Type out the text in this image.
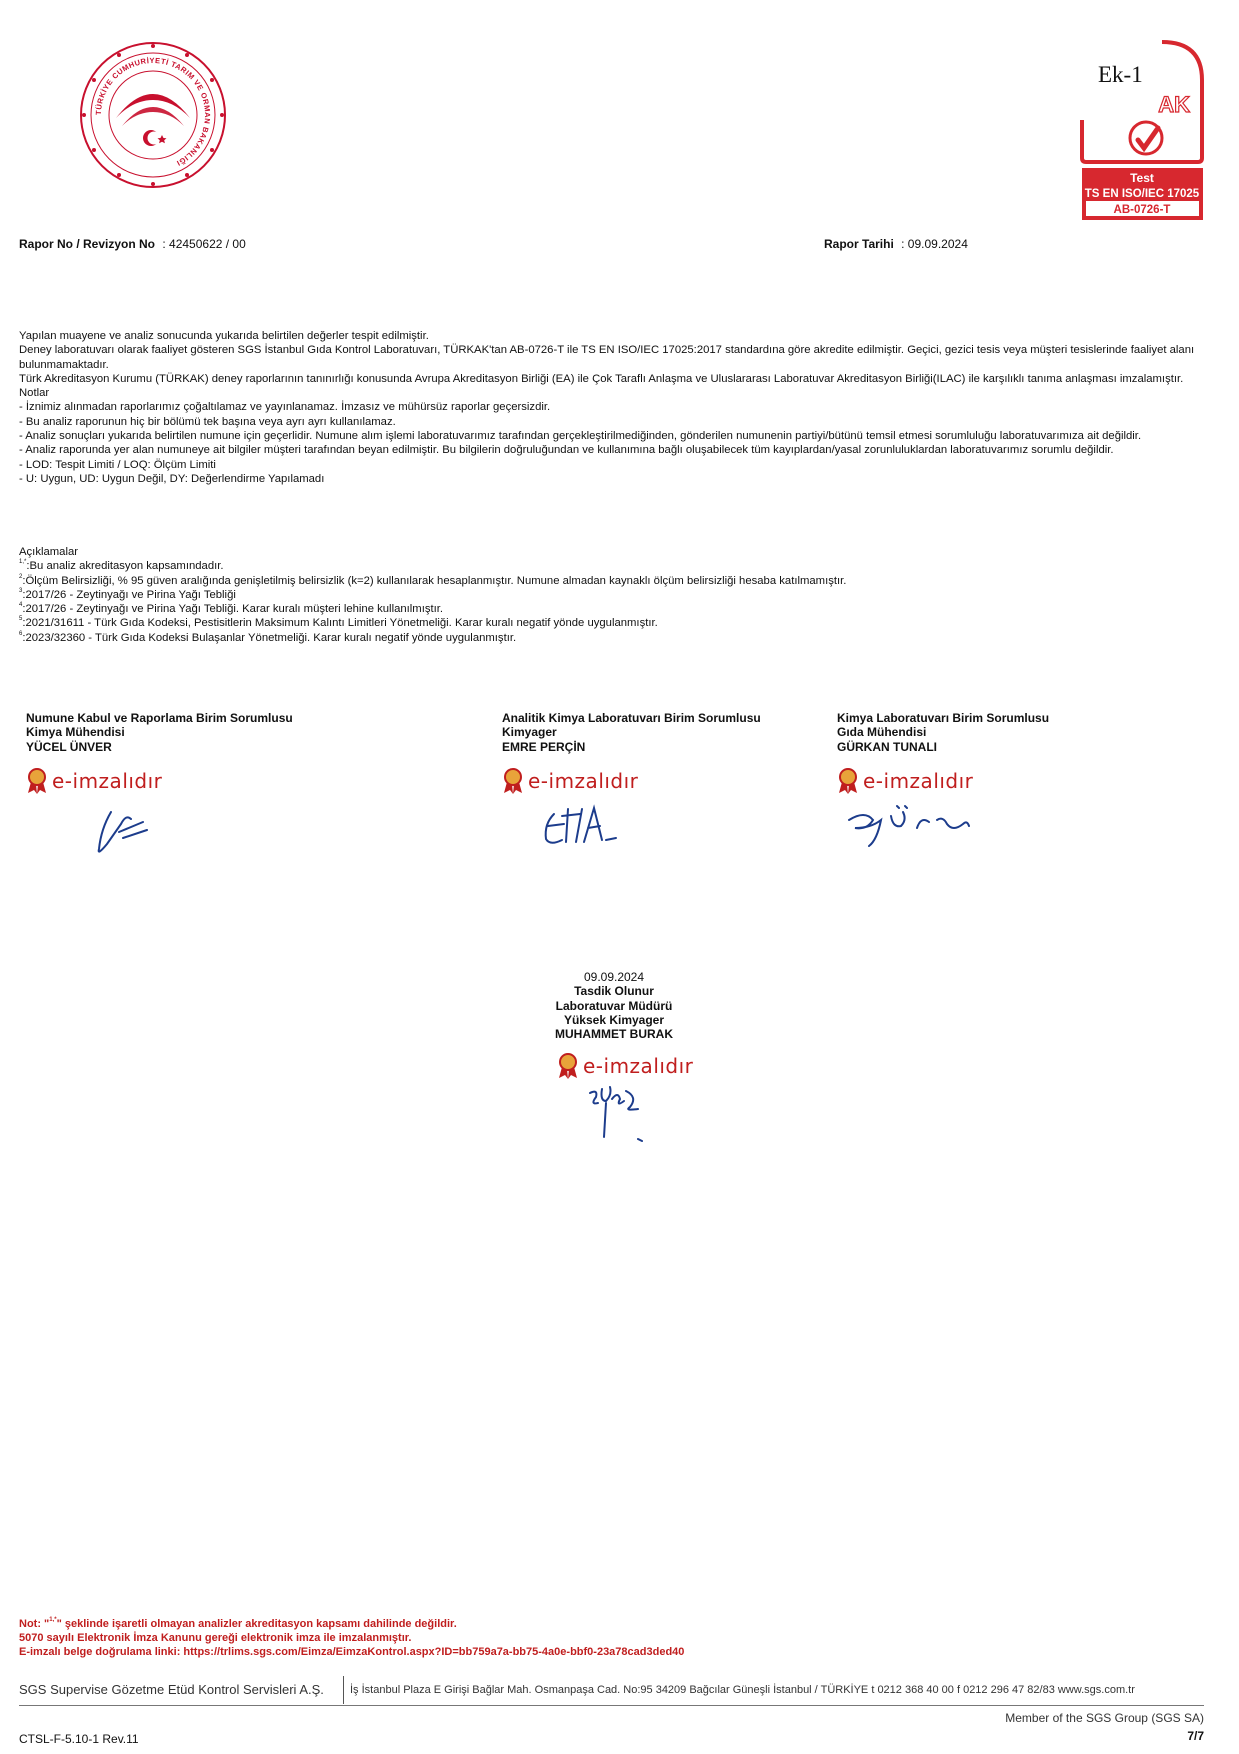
TÜRKİYE CUMHURİYETİ TARIM VE ORMAN BAKANLIĞI
AK
Test
TS EN ISO/IEC 17025
AB-0726-T
Ek-1
Rapor No / Revizyon No : 42450622 / 00	Rapor Tarihi : 09.09.2024

Yapılan muayene ve analiz sonucunda yukarıda belirtilen değerler tespit edilmiştir.

Deney laboratuvarı olarak faaliyet gösteren SGS İstanbul Gıda Kontrol Laboratuvarı, TÜRKAK'tan AB-0726-T ile TS EN ISO/IEC 17025:2017 standardına göre akredite edilmiştir. Geçici, gezici tesis veya müşteri tesislerinde faaliyet alanı bulunmamaktadır.

Türk Akreditasyon Kurumu (TÜRKAK) deney raporlarının tanınırlığı konusunda Avrupa Akreditasyon Birliği (EA) ile Çok Taraflı Anlaşma ve Uluslararası Laboratuvar Akreditasyon Birliği(ILAC) ile karşılıklı tanıma anlaşması imzalamıştır.

Notlar

- İznimiz alınmadan raporlarımız çoğaltılamaz ve yayınlanamaz. İmzasız ve mühürsüz raporlar geçersizdir.

- Bu analiz raporunun hiç bir bölümü tek başına veya ayrı ayrı kullanılamaz.

- Analiz sonuçları yukarıda belirtilen numune için geçerlidir. Numune alım işlemi laboratuvarımız tarafından gerçekleştirilmediğinden, gönderilen numunenin partiyi/bütünü temsil etmesi sorumluluğu laboratuvarımıza ait değildir.

- Analiz raporunda yer alan numuneye ait bilgiler müşteri tarafından beyan edilmiştir. Bu bilgilerin doğruluğundan ve kullanımına bağlı oluşabilecek tüm kayıplardan/yasal zorunluluklardan laboratuvarımız sorumlu değildir.

- LOD: Tespit Limiti / LOQ: Ölçüm Limiti

- U: Uygun, UD: Uygun Değil, DY: Değerlendirme Yapılamadı

Açıklamalar

$^{1,*}$:Bu analiz akreditasyon kapsamındadır.

$^2$:Ölçüm Belirsizliği, % 95 güven aralığında genişletilmiş belirsizlik (k=2) kullanılarak hesaplanmıştır. Numune almadan kaynaklı ölçüm belirsizliği hesaba katılmamıştır.

$^3$:2017/26 - Zeytinyağı ve Pirina Yağı Tebliği

$^4$:2017/26 - Zeytinyağı ve Pirina Yağı Tebliği. Karar kuralı müşteri lehine kullanılmıştır.

$^5$:2021/31611 - Türk Gıda Kodeksi, Pestisitlerin Maksimum Kalıntı Limitleri Yönetmeliği. Karar kuralı negatif yönde uygulanmıştır.

$^6$:2023/32360 - Türk Gıda Kodeksi Bulaşanlar Yönetmeliği. Karar kuralı negatif yönde uygulanmıştır.

Numune Kabul ve Raporlama Birim Sorumlusu
Kimya Mühendisi
YÜCEL ÜNVER
e-imzalıdır
Analitik Kimya Laboratuvarı Birim Sorumlusu
Kimyager
EMRE PERÇİN
e-imzalıdır
Kimya Laboratuvarı Birim Sorumlusu
Gıda Mühendisi
GÜRKAN TUNALI
e-imzalıdır
09.09.2024
Tasdik Olunur
Laboratuvar Müdürü
Yüksek Kimyager
MUHAMMET BURAK
e-imzalıdır
Not: "$^{1,*}$" şeklinde işaretli olmayan analizler akreditasyon kapsamı dahilinde değildir.
5070 sayılı Elektronik İmza Kanunu gereği elektronik imza ile imzalanmıştır.
E-imzalı belge doğrulama linki: https://trlims.sgs.com/Eimza/EimzaKontrol.aspx?ID=bb759a7a-bb75-4a0e-bbf0-23a78cad3ded40
SGS Supervise Gözetme Etüd Kontrol Servisleri A.Ş. İş İstanbul Plaza E Girişi Bağlar Mah. Osmanpaşa Cad. No:95 34209 Bağcılar Güneşli İstanbul / TÜRKİYE t 0212 368 40 00 f 0212 296 47 82/83 www.sgs.com.tr
Member of the SGS Group (SGS SA)
CTSL-F-5.10-1 Rev.11	7/7
